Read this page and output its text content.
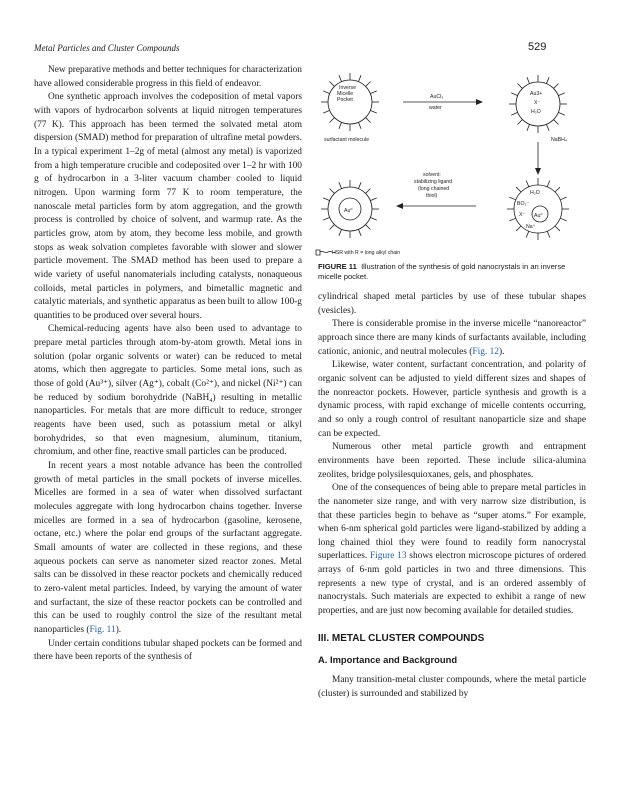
Metal Particles and Cluster Compounds	529

New preparative methods and better techniques for characterization have allowed considerable progress in this field of endeavor.

One synthetic approach involves the codeposition of metal vapors with vapors of hydrocarbon solvents at liquid nitrogen temperatures (77 K). This approach has been termed the solvated metal atom dispersion (SMAD) method for preparation of ultrafine metal powders. In a typical experiment 1–2g of metal (almost any metal) is vaporized from a high temperature crucible and codeposited over 1–2 hr with 100 g of hydrocarbon in a 3-liter vacuum chamber cooled to liquid nitrogen. Upon warming form 77 K to room temperature, the nanoscale metal particles form by atom aggregation, and the growth process is controlled by choice of solvent, and warmup rate. As the particles grow, atom by atom, they become less mobile, and growth stops as weak solvation completes favorable with slower and slower particle movement. The SMAD method has been used to prepare a wide variety of useful nanomaterials including catalysts, nonaqueous colloids, metal particles in polymers, and bimetallic magnetic and catalytic materials, and synthetic apparatus as been built to allow 100-g quantities to be produced over several hours.

Chemical-reducing agents have also been used to advantage to prepare metal particles through atom-by-atom growth. Metal ions in solution (polar organic solvents or water) can be reduced to metal atoms, which then aggregate to particles. Some metal ions, such as those of gold (Au³⁺), silver (Ag⁺), cobalt (Co²⁺), and nickel (Ni²⁺) can be reduced by sodium borohydride (NaBH₄) resulting in metallic nanoparticles. For metals that are more difficult to reduce, stronger reagents have been used, such as potassium metal or alkyl borohydrides, so that even magnesium, aluminum, titanium, chromium, and other fine, reactive small particles can be produced.

In recent years a most notable advance has been the controlled growth of metal particles in the small pockets of inverse micelles. Micelles are formed in a sea of water when dissolved surfactant molecules aggregate with long hydrocarbon chains together. Inverse micelles are formed in a sea of hydrocarbon (gasoline, kerosene, octane, etc.) where the polar end groups of the surfactant aggregate. Small amounts of water are collected in these regions, and these aqueous pockets can serve as nanometer sized reactor zones. Metal salts can be dissolved in these reactor pockets and chemically reduced to zero-valent metal particles. Indeed, by varying the amount of water and surfactant, the size of these reactor pockets can be controlled and this can be used to roughly control the size of the resultant metal nanoparticles (Fig. 11).

Under certain conditions tubular shaped pockets can be formed and there have been reports of the synthesis of

Inverse Micelle Pocket	AuCl₃
water
surfactant molecule	NaBH₄
Au3+
X⁻
H₂O
solvent:
stabilizing ligand
(long chained
thiol)
Au⁰
H₂O
BO₂⁻
X⁻ Au⁰
Na⁺
HSR with R = long alkyl chain
FIGURE 11 Illustration of the synthesis of gold nanocrystals in an inverse micelle pocket.

cylindrical shaped metal particles by use of these tubular shapes (vesicles).

There is considerable promise in the inverse micelle “nanoreactor” approach since there are many kinds of surfactants available, including cationic, anionic, and neutral molecules (Fig. 12).

Likewise, water content, surfactant concentration, and polarity of organic solvent can be adjusted to yield different sizes and shapes of the nonreactor pockets. However, particle synthesis and growth is a dynamic process, with rapid exchange of micelle contents occurring, and so only a rough control of resultant nanoparticle size and shape can be expected.

Numerous other metal particle growth and entrapment environments have been reported. These include silica-alumina zeolites, bridge polysilesquioxanes, gels, and phosphates.

One of the consequences of being able to prepare metal particles in the nanometer size range, and with very narrow size distribution, is that these particles begin to behave as “super atoms.” For example, when 6-nm spherical gold particles were ligand-stabilized by adding a long chained thiol they were found to readily form nanocrystal superlattices. Figure 13 shows electron microscope pictures of ordered arrays of 6-nm gold particles in two and three dimensions. This represents a new type of crystal, and is an ordered assembly of nanocrystals. Such materials are expected to exhibit a range of new properties, and are just now becoming available for detailed studies.

III. METAL CLUSTER COMPOUNDS
A. Importance and Background

Many transition-metal cluster compounds, where the metal particle (cluster) is surrounded and stabilized by
